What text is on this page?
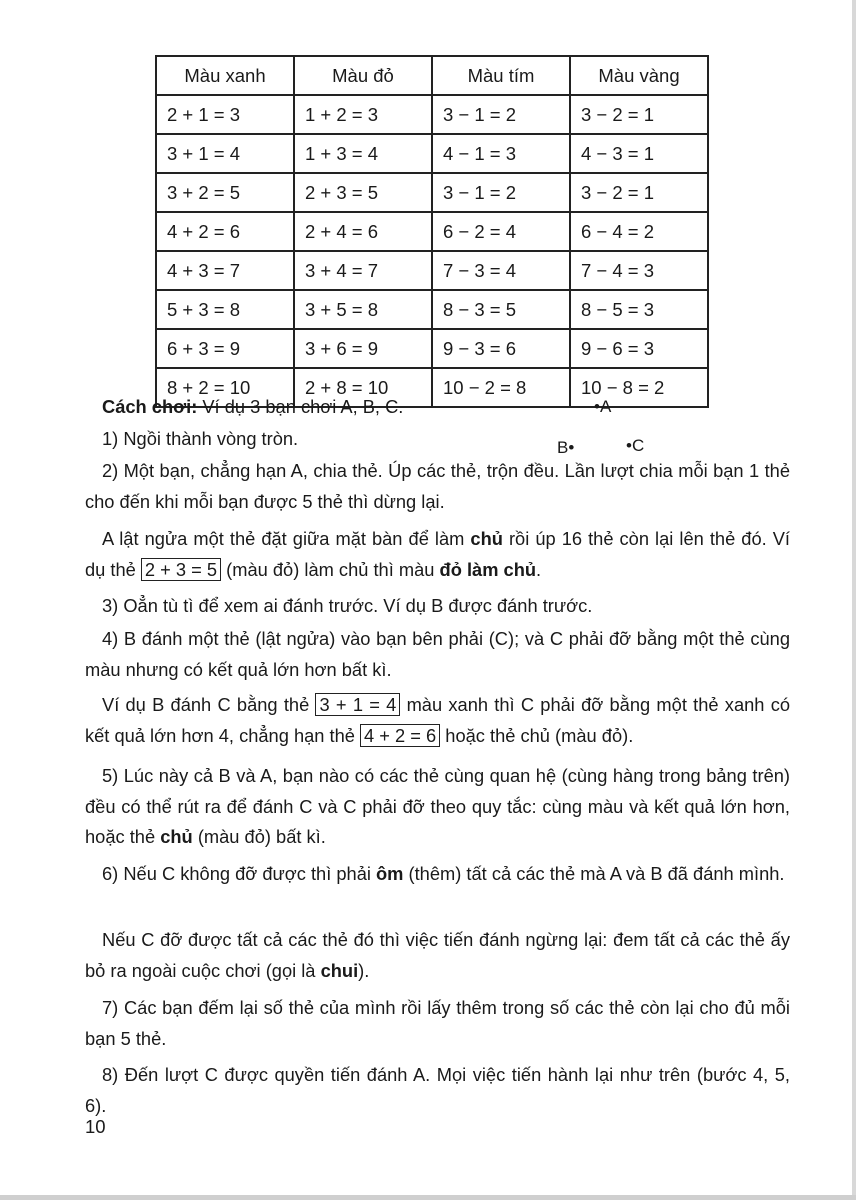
Màu xanh	Màu đỏ	Màu tím	Màu vàng
2 + 1 = 3	1 + 2 = 3	3 − 1 = 2	3 − 2 = 1
3 + 1 = 4	1 + 3 = 4	4 − 1 = 3	4 − 3 = 1
3 + 2 = 5	2 + 3 = 5	3 − 1 = 2	3 − 2 = 1
4 + 2 = 6	2 + 4 = 6	6 − 2 = 4	6 − 4 = 2
4 + 3 = 7	3 + 4 = 7	7 − 3 = 4	7 − 4 = 3
5 + 3 = 8	3 + 5 = 8	8 − 3 = 5	8 − 5 = 3
6 + 3 = 9	3 + 6 = 9	9 − 3 = 6	9 − 6 = 3
8 + 2 = 10	2 + 8 = 10	10 − 2 = 8	10 − 8 = 2
•A
B•	•C
Cách chơi: Ví dụ 3 bạn chơi A, B, C.
1) Ngồi thành vòng tròn.
2) Một bạn, chẳng hạn A, chia thẻ. Úp các thẻ, trộn đều. Lần lượt chia mỗi bạn 1 thẻ cho đến khi mỗi bạn được 5 thẻ thì dừng lại.
A lật ngửa một thẻ đặt giữa mặt bàn để làm chủ rồi úp 16 thẻ còn lại lên thẻ đó. Ví dụ thẻ 2 + 3 = 5 (màu đỏ) làm chủ thì màu đỏ làm chủ.
3) Oẳn tù tì để xem ai đánh trước. Ví dụ B được đánh trước.
4) B đánh một thẻ (lật ngửa) vào bạn bên phải (C); và C phải đỡ bằng một thẻ cùng màu nhưng có kết quả lớn hơn bất kì.
Ví dụ B đánh C bằng thẻ 3 + 1 = 4 màu xanh thì C phải đỡ bằng một thẻ xanh có kết quả lớn hơn 4, chẳng hạn thẻ 4 + 2 = 6 hoặc thẻ chủ (màu đỏ).
5) Lúc này cả B và A, bạn nào có các thẻ cùng quan hệ (cùng hàng trong bảng trên) đều có thể rút ra để đánh C và C phải đỡ theo quy tắc: cùng màu và kết quả lớn hơn, hoặc thẻ chủ (màu đỏ) bất kì.
6) Nếu C không đỡ được thì phải ôm (thêm) tất cả các thẻ mà A và B đã đánh mình.
Nếu C đỡ được tất cả các thẻ đó thì việc tiến đánh ngừng lại: đem tất cả các thẻ ấy bỏ ra ngoài cuộc chơi (gọi là chui).
7) Các bạn đếm lại số thẻ của mình rồi lấy thêm trong số các thẻ còn lại cho đủ mỗi bạn 5 thẻ.
8) Đến lượt C được quyền tiến đánh A. Mọi việc tiến hành lại như trên (bước 4, 5, 6).
10
